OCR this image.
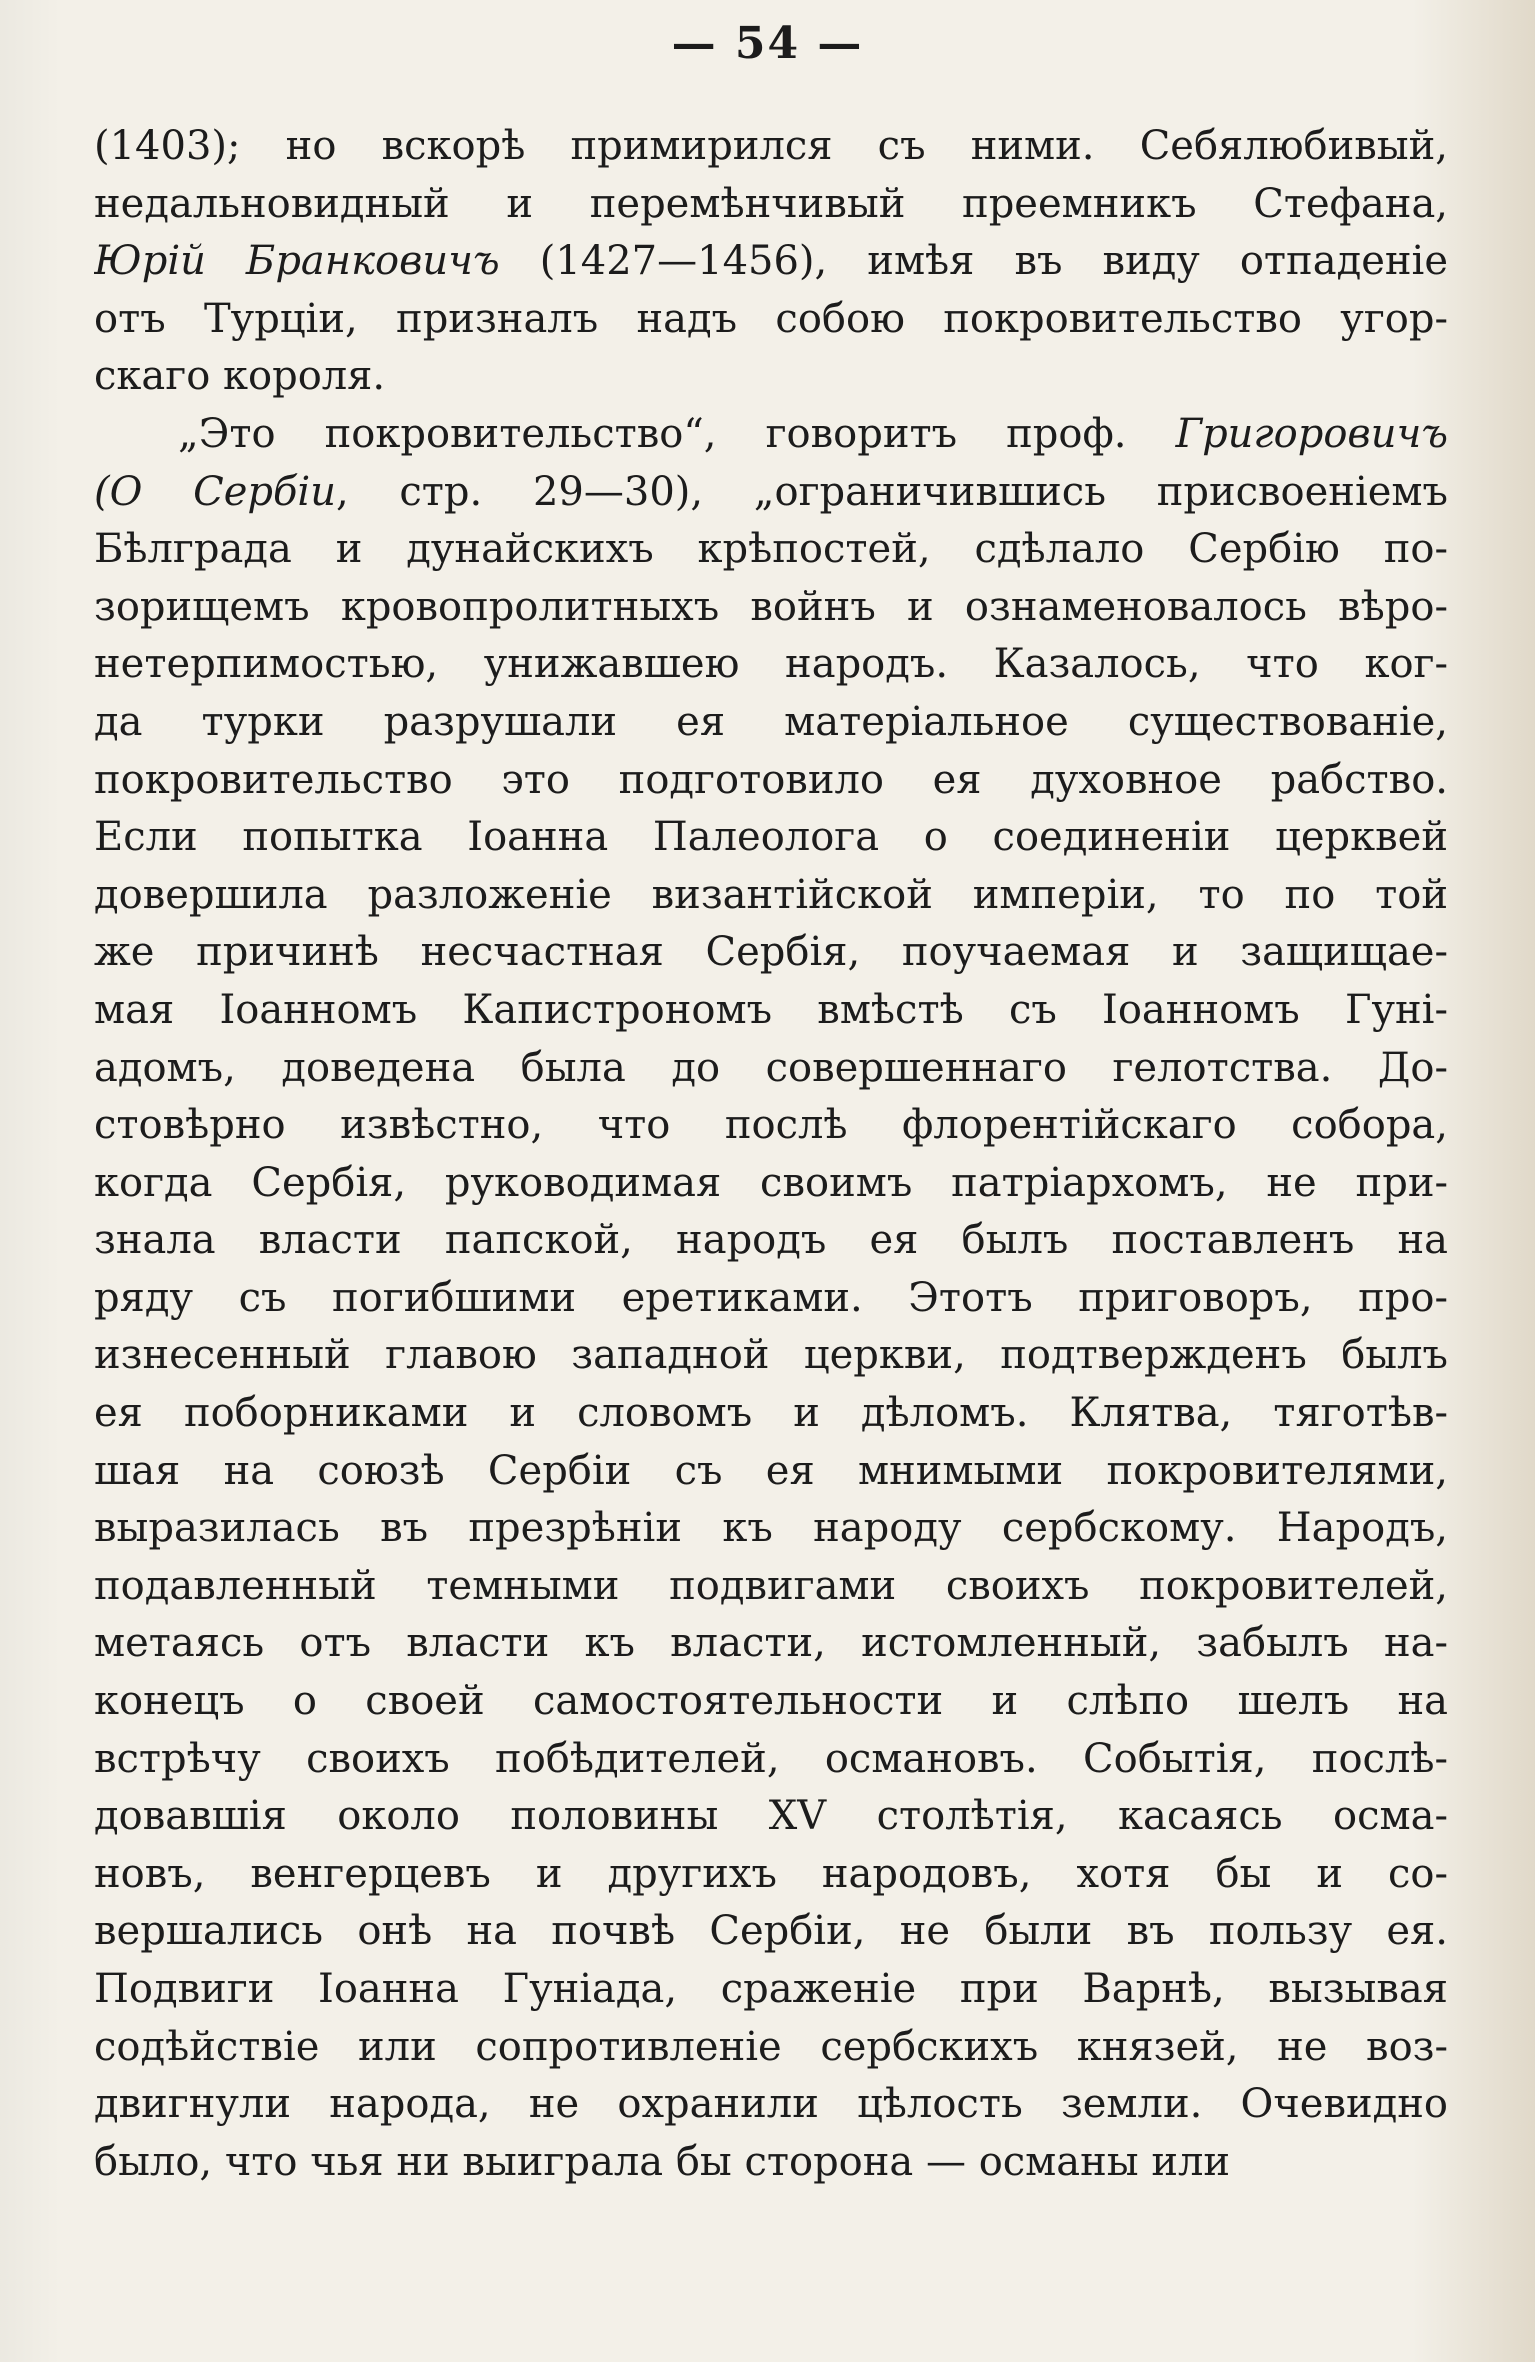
— 54 —
(1403); но вскорѣ примирился съ ними. Себялюбивый,
недальновидный и перемѣнчивый преемникъ Стефана,
Юрій Бранковичъ (1427—1456), имѣя въ виду отпаденіе
отъ Турціи, призналъ надъ собою покровительство угор-
скаго короля.
„Это покровительство“, говоритъ проф. Григоровичъ
(О Сербіи, стр. 29—30), „ограничившись присвоеніемъ
Бѣлграда и дунайскихъ крѣпостей, сдѣлало Сербію по-
зорищемъ кровопролитныхъ войнъ и ознаменовалось вѣро-
нетерпимостью, унижавшею народъ. Казалось, что ког-
да турки разрушали ея матеріальное существованіе,
покровительство это подготовило ея духовное рабство.
Если попытка Іоанна Палеолога о соединеніи церквей
довершила разложеніе византійской имперіи, то по той
же причинѣ несчастная Сербія, поучаемая и защищае-
мая Іоанномъ Капистрономъ вмѣстѣ съ Іоанномъ Гуні-
адомъ, доведена была до совершеннаго гелотства. До-
стовѣрно извѣстно, что послѣ флорентійскаго собора,
когда Сербія, руководимая своимъ патріархомъ, не при-
знала власти папской, народъ ея былъ поставленъ на
ряду съ погибшими еретиками. Этотъ приговоръ, про-
изнесенный главою западной церкви, подтвержденъ былъ
ея поборниками и словомъ и дѣломъ. Клятва, тяготѣв-
шая на союзѣ Сербіи съ ея мнимыми покровителями,
выразилась въ презрѣніи къ народу сербскому. Народъ,
подавленный темными подвигами своихъ покровителей,
метаясь отъ власти къ власти, истомленный, забылъ на-
конецъ о своей самостоятельности и слѣпо шелъ на
встрѣчу своихъ побѣдителей, османовъ. Событія, послѣ-
довавшія около половины XV столѣтія, касаясь осма-
новъ, венгерцевъ и другихъ народовъ, хотя бы и со-
вершались онѣ на почвѣ Сербіи, не были въ пользу ея.
Подвиги Іоанна Гуніада, сраженіе при Варнѣ, вызывая
содѣйствіе или сопротивленіе сербскихъ князей, не воз-
двигнули народа, не охранили цѣлость земли. Очевидно
было, что чья ни выиграла бы сторона — османы или
